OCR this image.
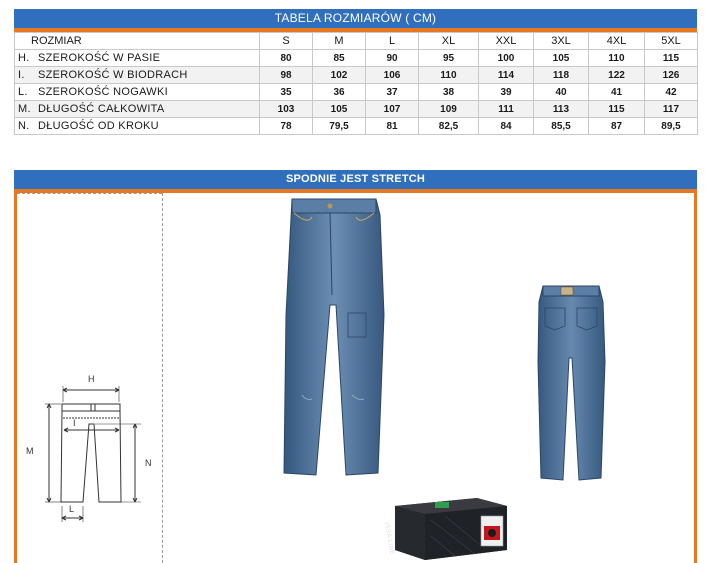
TABELA ROZMIARÓW ( CM)
ROZMIAR	S	M	L	XL	XXL	3XL	4XL	5XL
H. SZEROKOŚĆ W PASIE	80	85	90	95	100	105	110	115
I. SZEROKOŚĆ W BIODRACH	98	102	106	110	114	118	122	126
L. SZEROKOŚĆ NOGAWKI	35	36	37	38	39	40	41	42
M. DŁUGOŚĆ CAŁKOWITA	103	105	107	109	111	113	115	117
N. DŁUGOŚĆ OD KROKU	78	79,5	81	82,5	84	85,5	87	89,5
SPODNIE JEST STRETCH
H
I
M
N
L
ISSA LINE
